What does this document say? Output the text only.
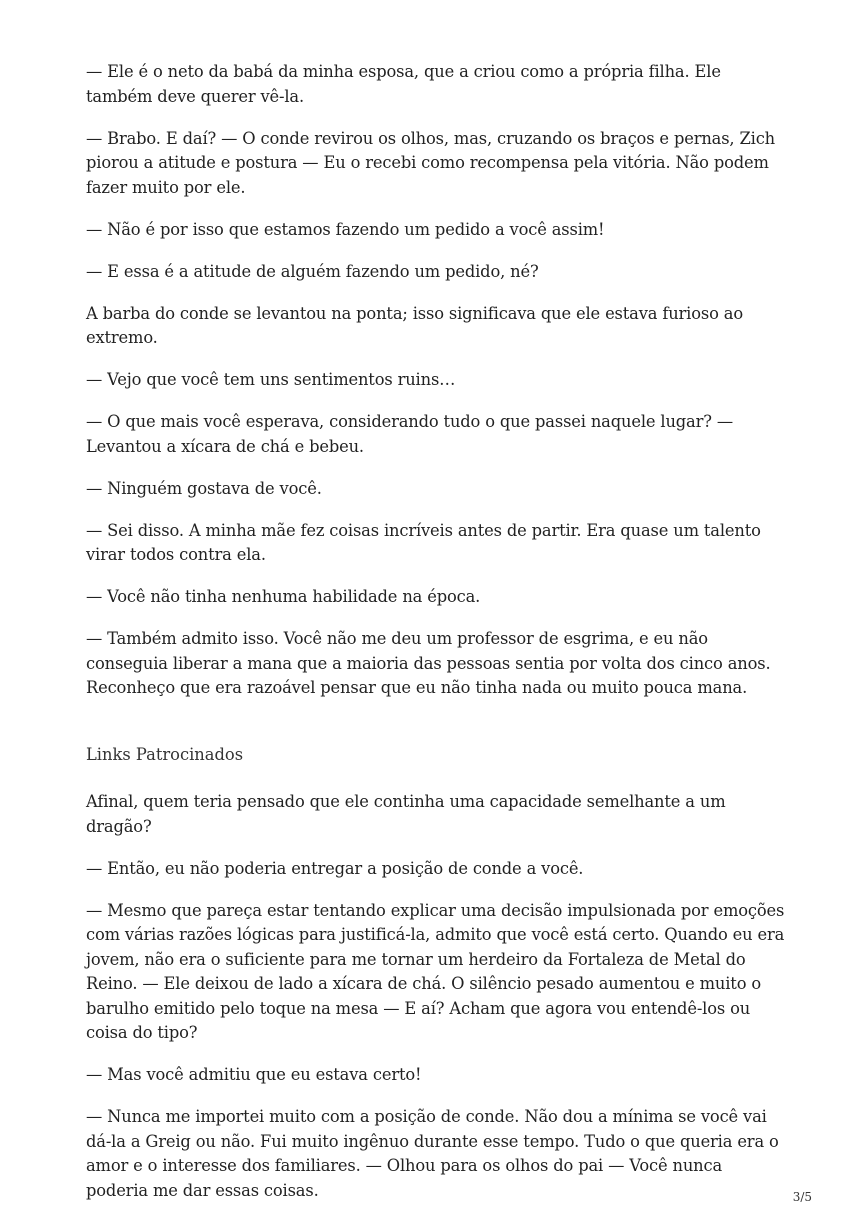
— Ele é o neto da babá da minha esposa, que a criou como a própria filha. Ele também deve querer vê-la.

— Brabo. E daí? — O conde revirou os olhos, mas, cruzando os braços e pernas, Zich piorou a atitude e postura — Eu o recebi como recompensa pela vitória. Não podem fazer muito por ele.

— Não é por isso que estamos fazendo um pedido a você assim!

— E essa é a atitude de alguém fazendo um pedido, né?

A barba do conde se levantou na ponta; isso significava que ele estava furioso ao extremo.

— Vejo que você tem uns sentimentos ruins…

— O que mais você esperava, considerando tudo o que passei naquele lugar? — Levantou a xícara de chá e bebeu.

— Ninguém gostava de você.

— Sei disso. A minha mãe fez coisas incríveis antes de partir. Era quase um talento virar todos contra ela.

— Você não tinha nenhuma habilidade na época.

— Também admito isso. Você não me deu um professor de esgrima, e eu não conseguia liberar a mana que a maioria das pessoas sentia por volta dos cinco anos. Reconheço que era razoável pensar que eu não tinha nada ou muito pouca mana.

Links Patrocinados

Afinal, quem teria pensado que ele continha uma capacidade semelhante a um dragão?

— Então, eu não poderia entregar a posição de conde a você.

— Mesmo que pareça estar tentando explicar uma decisão impulsionada por emoções com várias razões lógicas para justificá-la, admito que você está certo. Quando eu era jovem, não era o suficiente para me tornar um herdeiro da Fortaleza de Metal do Reino. — Ele deixou de lado a xícara de chá. O silêncio pesado aumentou e muito o barulho emitido pelo toque na mesa — E aí? Acham que agora vou entendê-los ou coisa do tipo?

— Mas você admitiu que eu estava certo!

— Nunca me importei muito com a posição de conde. Não dou a mínima se você vai dá-la a Greig ou não. Fui muito ingênuo durante esse tempo. Tudo o que queria era o amor e o interesse dos familiares. — Olhou para os olhos do pai — Você nunca poderia me dar essas coisas.	3/5
